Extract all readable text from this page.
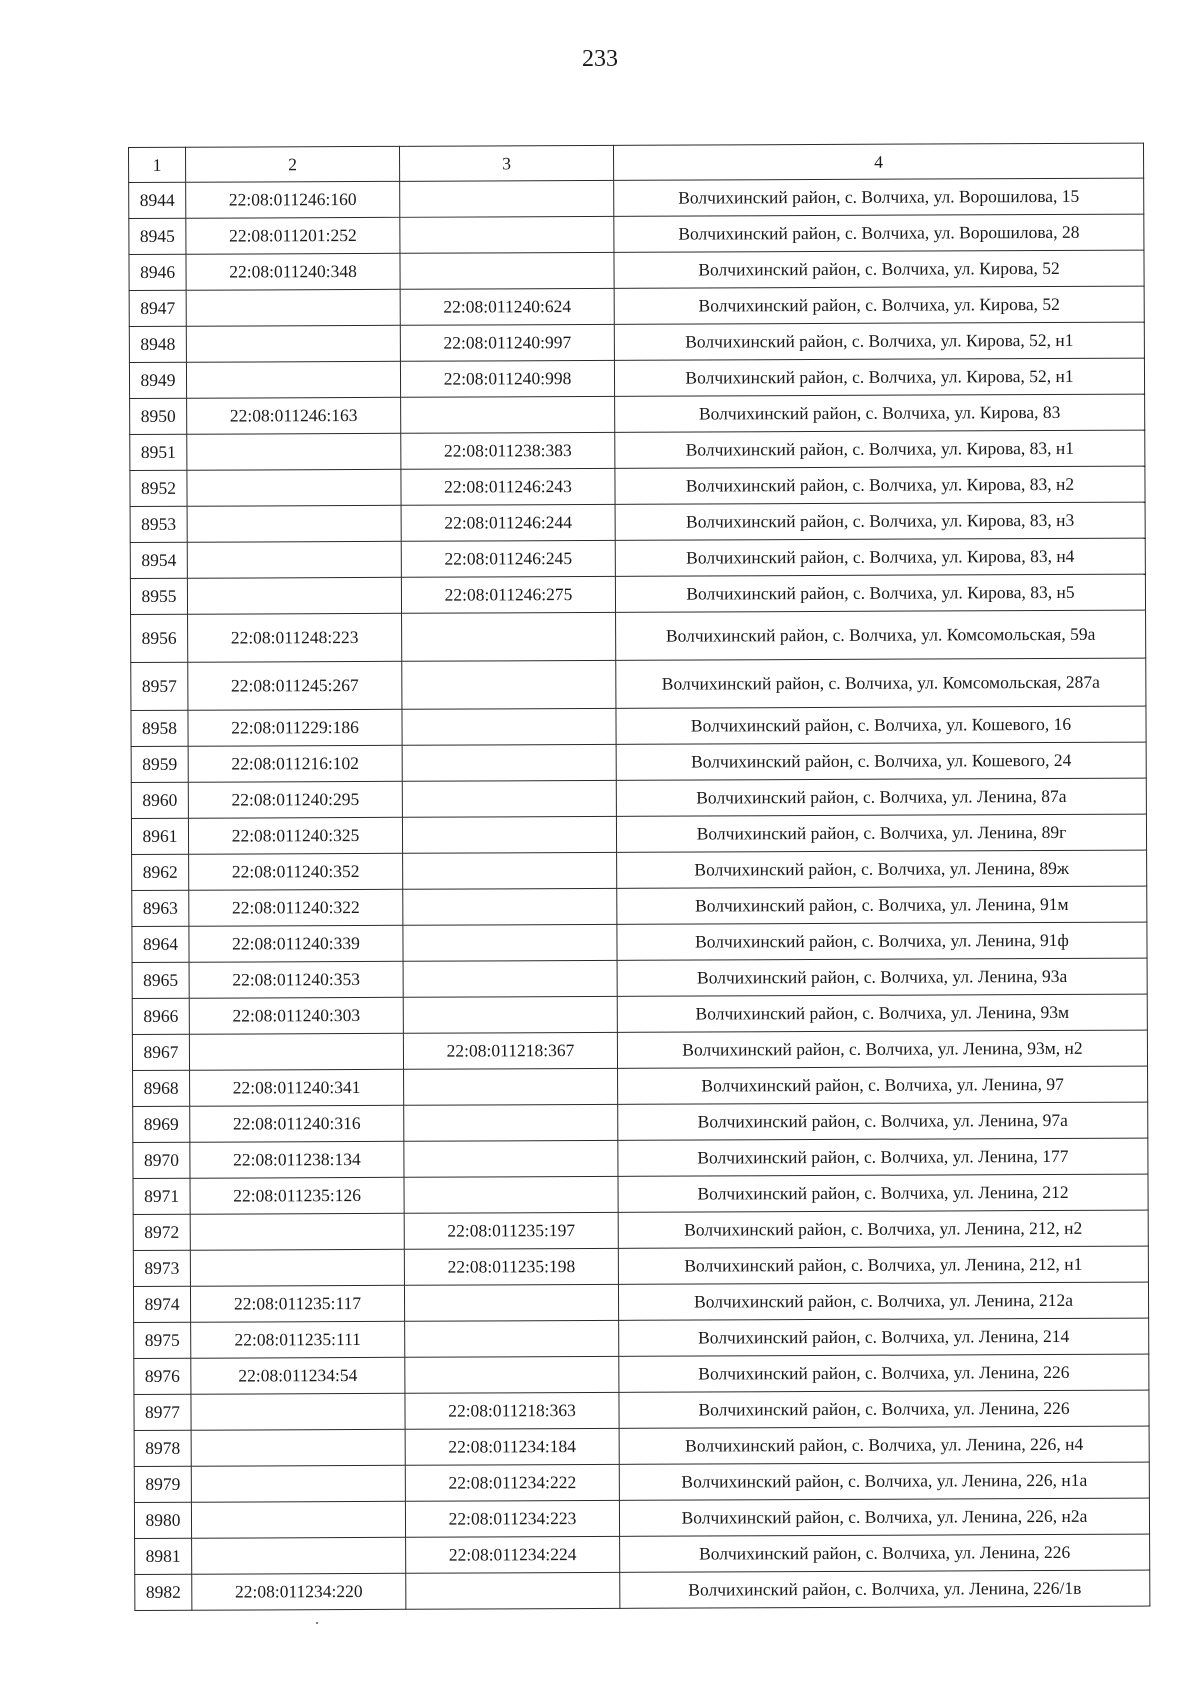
233
1	2	3	4
8944	22:08:011246:160		Волчихинский район, с. Волчиха, ул. Ворошилова, 15
8945	22:08:011201:252		Волчихинский район, с. Волчиха, ул. Ворошилова, 28
8946	22:08:011240:348		Волчихинский район, с. Волчиха, ул. Кирова, 52
8947		22:08:011240:624	Волчихинский район, с. Волчиха, ул. Кирова, 52
8948		22:08:011240:997	Волчихинский район, с. Волчиха, ул. Кирова, 52, н1
8949		22:08:011240:998	Волчихинский район, с. Волчиха, ул. Кирова, 52, н1
8950	22:08:011246:163		Волчихинский район, с. Волчиха, ул. Кирова, 83
8951		22:08:011238:383	Волчихинский район, с. Волчиха, ул. Кирова, 83, н1
8952		22:08:011246:243	Волчихинский район, с. Волчиха, ул. Кирова, 83, н2
8953		22:08:011246:244	Волчихинский район, с. Волчиха, ул. Кирова, 83, н3
8954		22:08:011246:245	Волчихинский район, с. Волчиха, ул. Кирова, 83, н4
8955		22:08:011246:275	Волчихинский район, с. Волчиха, ул. Кирова, 83, н5
8956	22:08:011248:223		Волчихинский район, с. Волчиха, ул. Комсомольская, 59а
8957	22:08:011245:267		Волчихинский район, с. Волчиха, ул. Комсомольская, 287а
8958	22:08:011229:186		Волчихинский район, с. Волчиха, ул. Кошевого, 16
8959	22:08:011216:102		Волчихинский район, с. Волчиха, ул. Кошевого, 24
8960	22:08:011240:295		Волчихинский район, с. Волчиха, ул. Ленина, 87а
8961	22:08:011240:325		Волчихинский район, с. Волчиха, ул. Ленина, 89г
8962	22:08:011240:352		Волчихинский район, с. Волчиха, ул. Ленина, 89ж
8963	22:08:011240:322		Волчихинский район, с. Волчиха, ул. Ленина, 91м
8964	22:08:011240:339		Волчихинский район, с. Волчиха, ул. Ленина, 91ф
8965	22:08:011240:353		Волчихинский район, с. Волчиха, ул. Ленина, 93а
8966	22:08:011240:303		Волчихинский район, с. Волчиха, ул. Ленина, 93м
8967		22:08:011218:367	Волчихинский район, с. Волчиха, ул. Ленина, 93м, н2
8968	22:08:011240:341		Волчихинский район, с. Волчиха, ул. Ленина, 97
8969	22:08:011240:316		Волчихинский район, с. Волчиха, ул. Ленина, 97а
8970	22:08:011238:134		Волчихинский район, с. Волчиха, ул. Ленина, 177
8971	22:08:011235:126		Волчихинский район, с. Волчиха, ул. Ленина, 212
8972		22:08:011235:197	Волчихинский район, с. Волчиха, ул. Ленина, 212, н2
8973		22:08:011235:198	Волчихинский район, с. Волчиха, ул. Ленина, 212, н1
8974	22:08:011235:117		Волчихинский район, с. Волчиха, ул. Ленина, 212а
8975	22:08:011235:111		Волчихинский район, с. Волчиха, ул. Ленина, 214
8976	22:08:011234:54		Волчихинский район, с. Волчиха, ул. Ленина, 226
8977		22:08:011218:363	Волчихинский район, с. Волчиха, ул. Ленина, 226
8978		22:08:011234:184	Волчихинский район, с. Волчиха, ул. Ленина, 226, н4
8979		22:08:011234:222	Волчихинский район, с. Волчиха, ул. Ленина, 226, н1а
8980		22:08:011234:223	Волчихинский район, с. Волчиха, ул. Ленина, 226, н2а
8981		22:08:011234:224	Волчихинский район, с. Волчиха, ул. Ленина, 226
8982	22:08:011234:220		Волчихинский район, с. Волчиха, ул. Ленина, 226/1в
